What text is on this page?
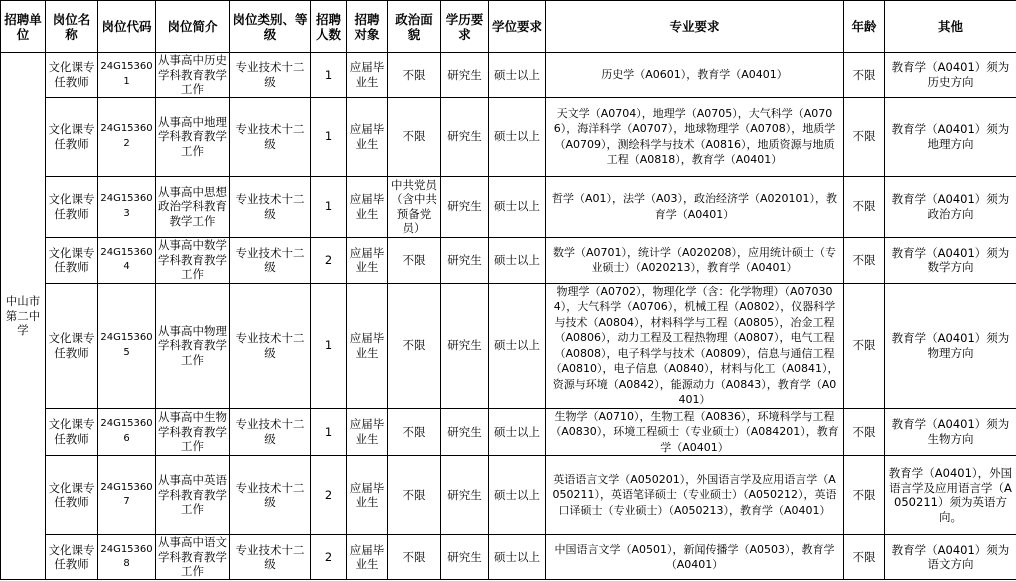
招聘单位	岗位名称	岗位代码	岗位简介	岗位类别、等级	招聘人数	招聘对象	政治面貌	学历要求	学位要求	专业要求	年龄	其他
中山市第二中学	文化课专任教师	24G153601	从事高中历史学科教育教学工作	专业技术十二级	1	应届毕业生	不限	研究生	硕士以上	历史学（A0601），教育学（A0401）	不限	教育学（A0401）须为历史方向
	文化课专任教师	24G153602	从事高中地理学科教育教学工作	专业技术十二级	1	应届毕业生	不限	研究生	硕士以上	天文学（A0704），地理学（A0705），大气科学（A0706），海洋科学（A0707），地球物理学（A0708），地质学（A0709），测绘科学与技术（A0816），地质资源与地质工程（A0818），教育学（A0401）	不限	教育学（A0401）须为地理方向
	文化课专任教师	24G153603	从事高中思想政治学科教育教学工作	专业技术十二级	1	应届毕业生	中共党员（含中共预备党员）	研究生	硕士以上	哲学（A01），法学（A03），政治经济学（A020101），教育学（A0401）	不限	教育学（A0401）须为政治方向
	文化课专任教师	24G153604	从事高中数学学科教育教学工作	专业技术十二级	2	应届毕业生	不限	研究生	硕士以上	数学（A0701），统计学（A020208），应用统计硕士（专业硕士）（A020213），教育学（A0401）	不限	教育学（A0401）须为数学方向
	文化课专任教师	24G153605	从事高中物理学科教育教学工作	专业技术十二级	1	应届毕业生	不限	研究生	硕士以上	物理学（A0702），物理化学（含：化学物理）（A070304），大气科学（A0706），机械工程（A0802），仪器科学与技术（A0804），材料科学与工程（A0805），冶金工程（A0806），动力工程及工程热物理（A0807），电气工程（A0808），电子科学与技术（A0809），信息与通信工程（A0810），电子信息（A0840），材料与化工（A0841），资源与环境（A0842），能源动力（A0843），教育学（A0401）	不限	教育学（A0401）须为物理方向
	文化课专任教师	24G153606	从事高中生物学科教育教学工作	专业技术十二级	1	应届毕业生	不限	研究生	硕士以上	生物学（A0710），生物工程（A0836），环境科学与工程（A0830），环境工程硕士（专业硕士）（A084201），教育学（A0401）	不限	教育学（A0401）须为生物方向
	文化课专任教师	24G153607	从事高中英语学科教育教学工作	专业技术十二级	2	应届毕业生	不限	研究生	硕士以上	英语语言文学（A050201），外国语言学及应用语言学（A050211），英语笔译硕士（专业硕士）（A050212），英语口译硕士（专业硕士）（A050213），教育学（A0401）	不限	教育学（A0401），外国语言学及应用语言学（A050211）须为英语方向。
	文化课专任教师	24G153608	从事高中语文学科教育教学工作	专业技术十二级	2	应届毕业生	不限	研究生	硕士以上	中国语言文学（A0501），新闻传播学（A0503），教育学（A0401）	不限	教育学（A0401）须为语文方向
